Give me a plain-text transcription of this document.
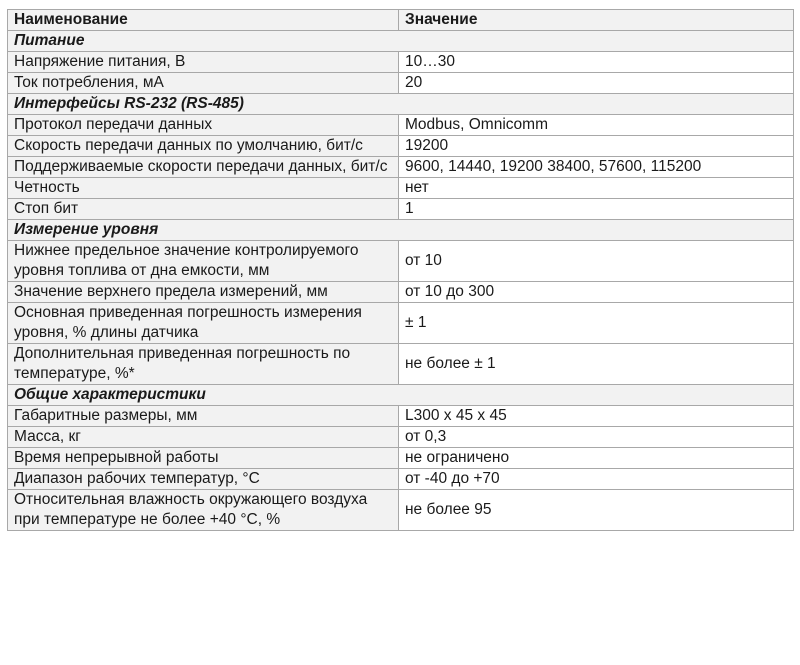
Наименование	Значение
Питание	
Напряжение питания, В	10…30
Ток потребления, мА	20
Интерфейсы RS-232 (RS-485)	
Протокол передачи данных	Modbus, Omnicomm
Скорость передачи данных по умолчанию, бит/с	19200
Поддерживаемые скорости передачи данных, бит/с	9600, 14440, 19200 38400, 57600, 115200
Четность	нет
Стоп бит	1
Измерение уровня	
Нижнее предельное значение контролируемого уровня топлива от дна емкости, мм	от 10
Значение верхнего предела измерений, мм	от 10 до 300
Основная приведенная погрешность измерения уровня, % длины датчика	± 1
Дополнительная приведенная погрешность по температуре, %*	не более ± 1
Общие характеристики	
Габаритные размеры, мм	L300 x 45 x 45
Масса, кг	от 0,3
Время непрерывной работы	не ограничено
Диапазон рабочих температур, °С	от -40 до +70
Относительная влажность окружающего воздуха при температуре не более +40 °С, %	не более 95
